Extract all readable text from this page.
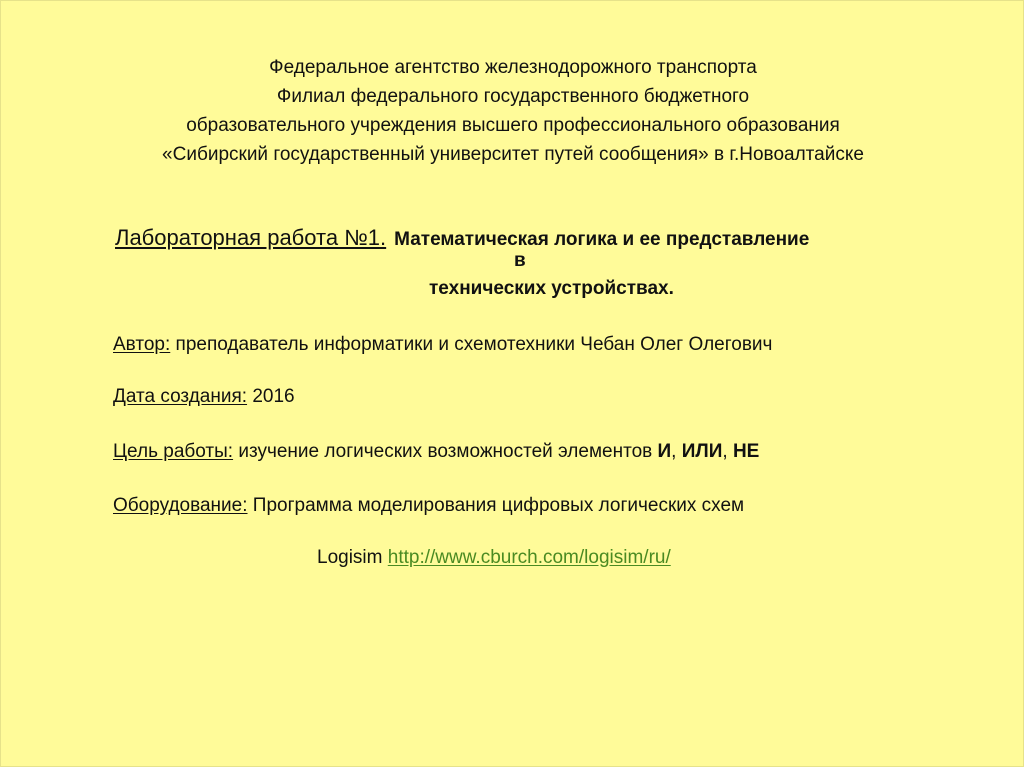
Федеральное агентство железнодорожного транспорта
Филиал федерального государственного бюджетного
образовательного учреждения высшего профессионального образования
«Сибирский государственный университет путей сообщения» в г.Новоалтайске
Лабораторная работа №1. Математическая логика и ее представление
в
технических устройствах.
Автор: преподаватель информатики и схемотехники Чебан Олег Олегович
Дата создания: 2016
Цель работы: изучение логических возможностей элементов И, ИЛИ, НЕ
Оборудование: Программа моделирования цифровых логических схем
Logisim http://www.cburch.com/logisim/ru/
